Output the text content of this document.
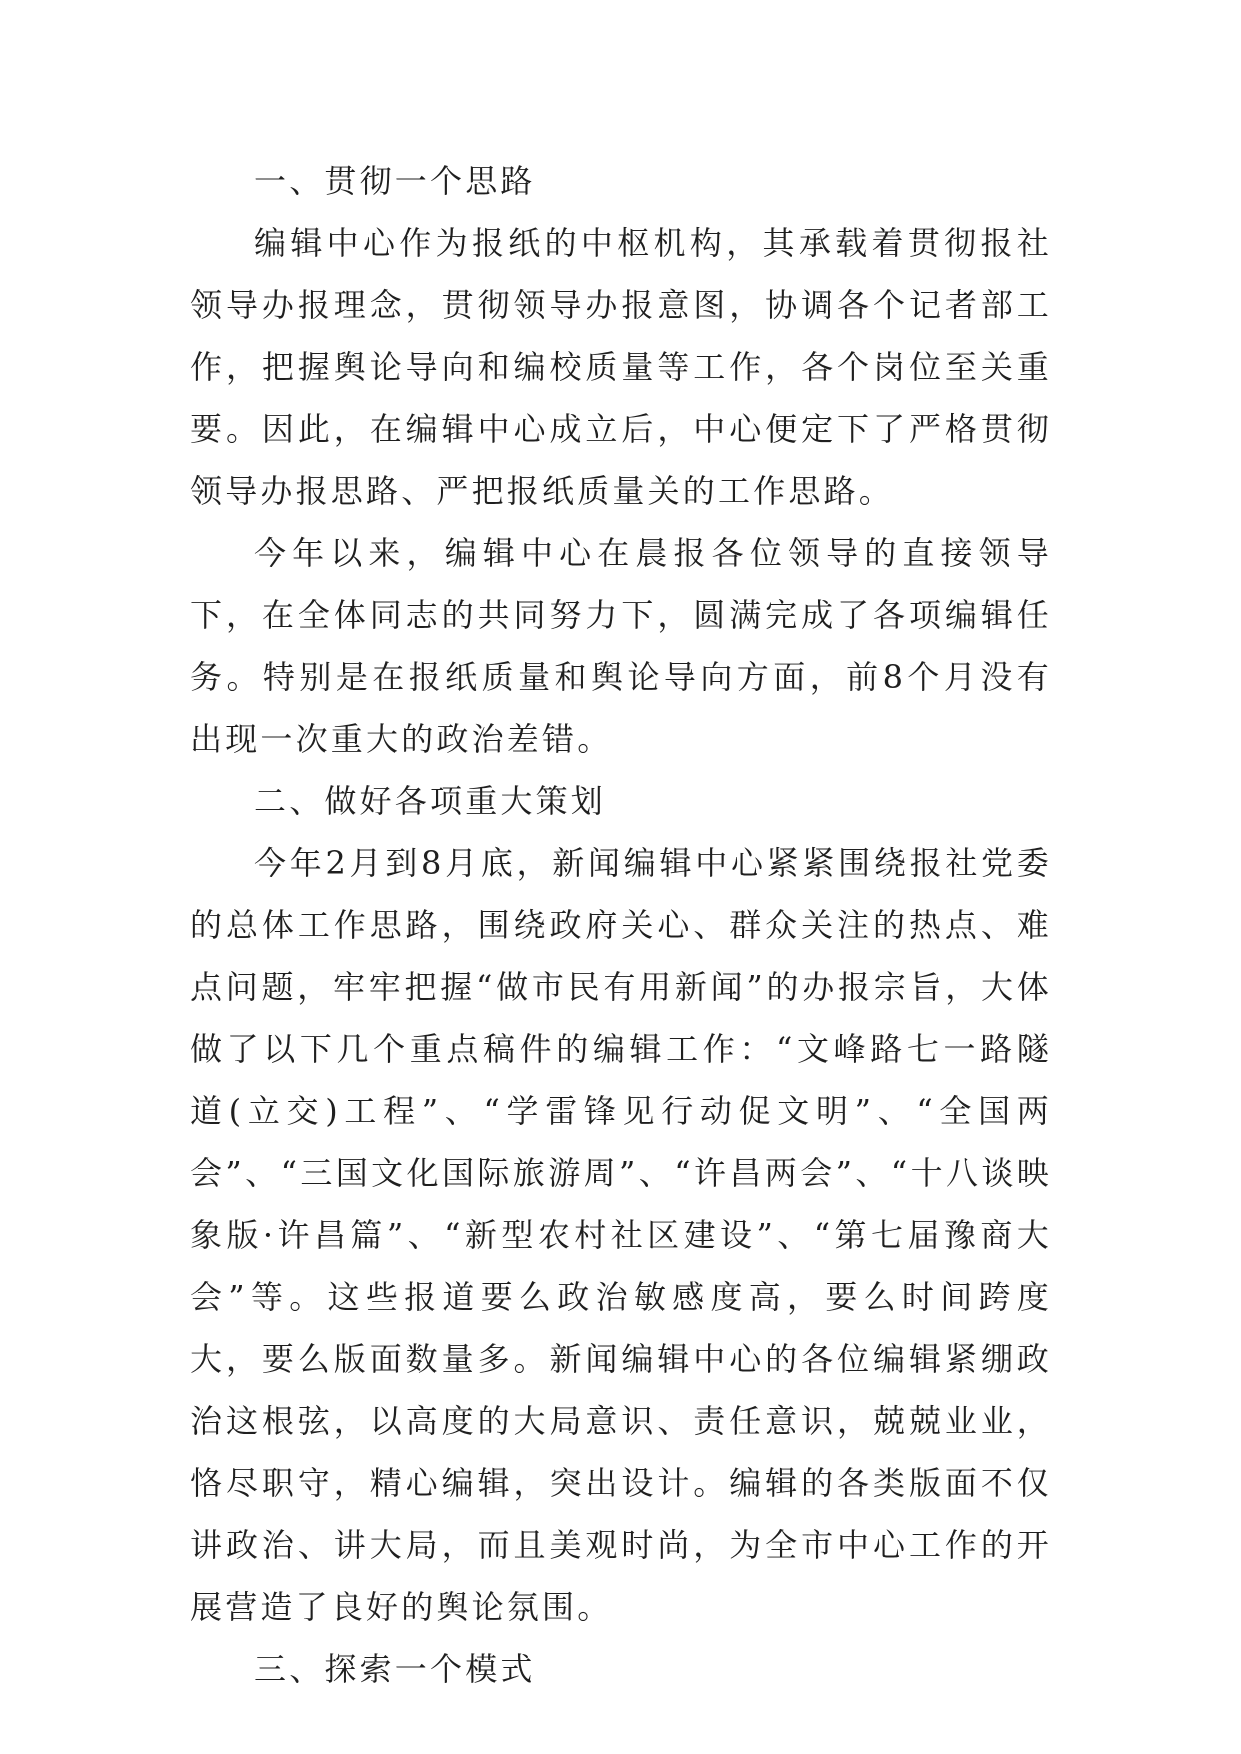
一、贯彻一个思路

编辑中心作为报纸的中枢机构，其承载着贯彻报社领导办报理念，贯彻领导办报意图，协调各个记者部工作，把握舆论导向和编校质量等工作，各个岗位至关重要。因此，在编辑中心成立后，中心便定下了严格贯彻领导办报思路、严把报纸质量关的工作思路。

今年以来，编辑中心在晨报各位领导的直接领导下，在全体同志的共同努力下，圆满完成了各项编辑任务。特别是在报纸质量和舆论导向方面，前8个月没有出现一次重大的政治差错。

二、做好各项重大策划

今年2月到8月底，新闻编辑中心紧紧围绕报社党委的总体工作思路，围绕政府关心、群众关注的热点、难点问题，牢牢把握“做市民有用新闻”的办报宗旨，大体做了以下几个重点稿件的编辑工作：“文峰路七一路隧道(立交)工程”、“学雷锋见行动促文明”、“全国两会”、“三国文化国际旅游周”、“许昌两会”、“十八谈映象版·许昌篇”、“新型农村社区建设”、“第七届豫商大会”等。这些报道要么政治敏感度高，要么时间跨度大，要么版面数量多。新闻编辑中心的各位编辑紧绷政治这根弦，以高度的大局意识、责任意识，兢兢业业，恪尽职守，精心编辑，突出设计。编辑的各类版面不仅讲政治、讲大局，而且美观时尚，为全市中心工作的开展营造了良好的舆论氛围。

三、探索一个模式
